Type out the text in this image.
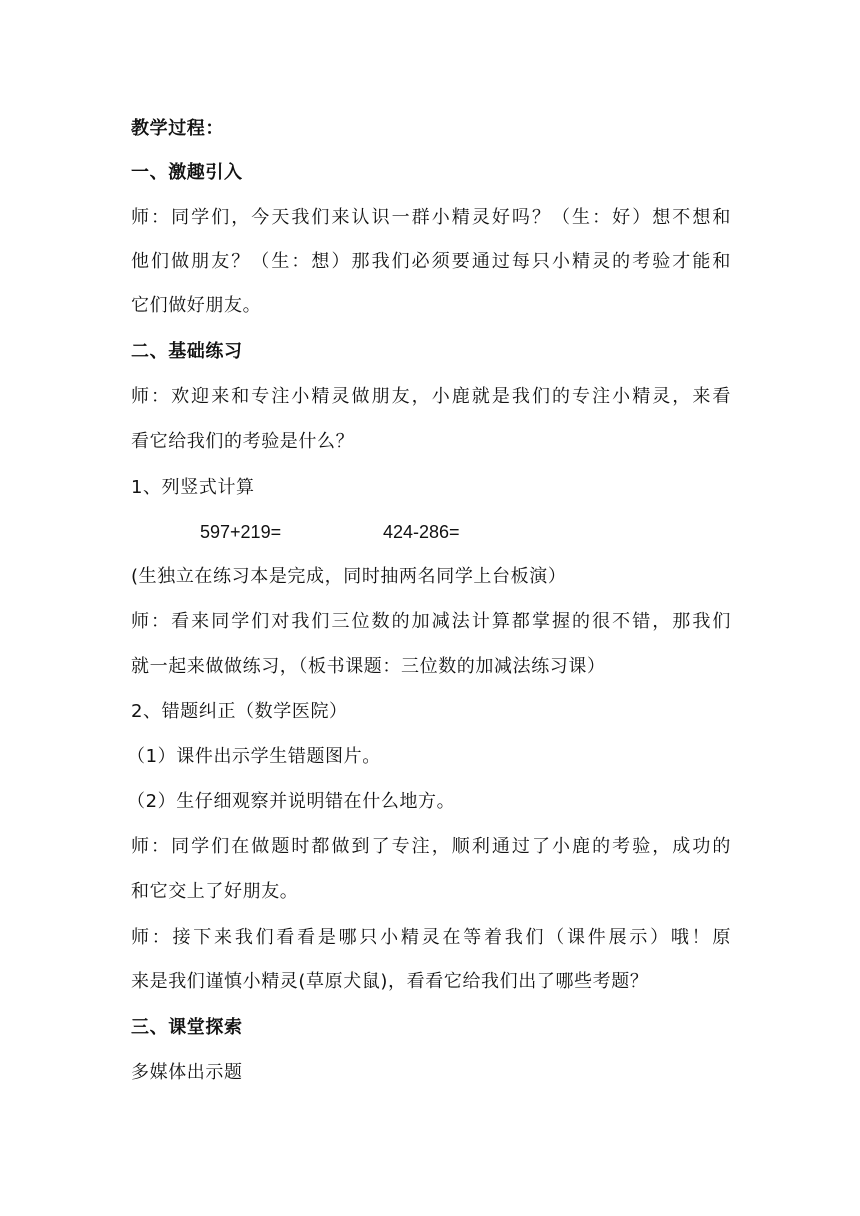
教学过程：
一、激趣引入
师：同学们，今天我们来认识一群小精灵好吗？（生：好）想不想和
他们做朋友？（生：想）那我们必须要通过每只小精灵的考验才能和
它们做好朋友。
二、基础练习
师：欢迎来和专注小精灵做朋友，小鹿就是我们的专注小精灵，来看
看它给我们的考验是什么？
1、列竖式计算
597+219=	424-286=
(生独立在练习本是完成，同时抽两名同学上台板演）
师：看来同学们对我们三位数的加减法计算都掌握的很不错，那我们
就一起来做做练习，（板书课题：三位数的加减法练习课）
2、错题纠正（数学医院）
（1）课件出示学生错题图片。
（2）生仔细观察并说明错在什么地方。
师：同学们在做题时都做到了专注，顺利通过了小鹿的考验，成功的
和它交上了好朋友。
师：接下来我们看看是哪只小精灵在等着我们（课件展示）哦！原
来是我们谨慎小精灵(草原犬鼠)，看看它给我们出了哪些考题？
三、课堂探索
多媒体出示题
